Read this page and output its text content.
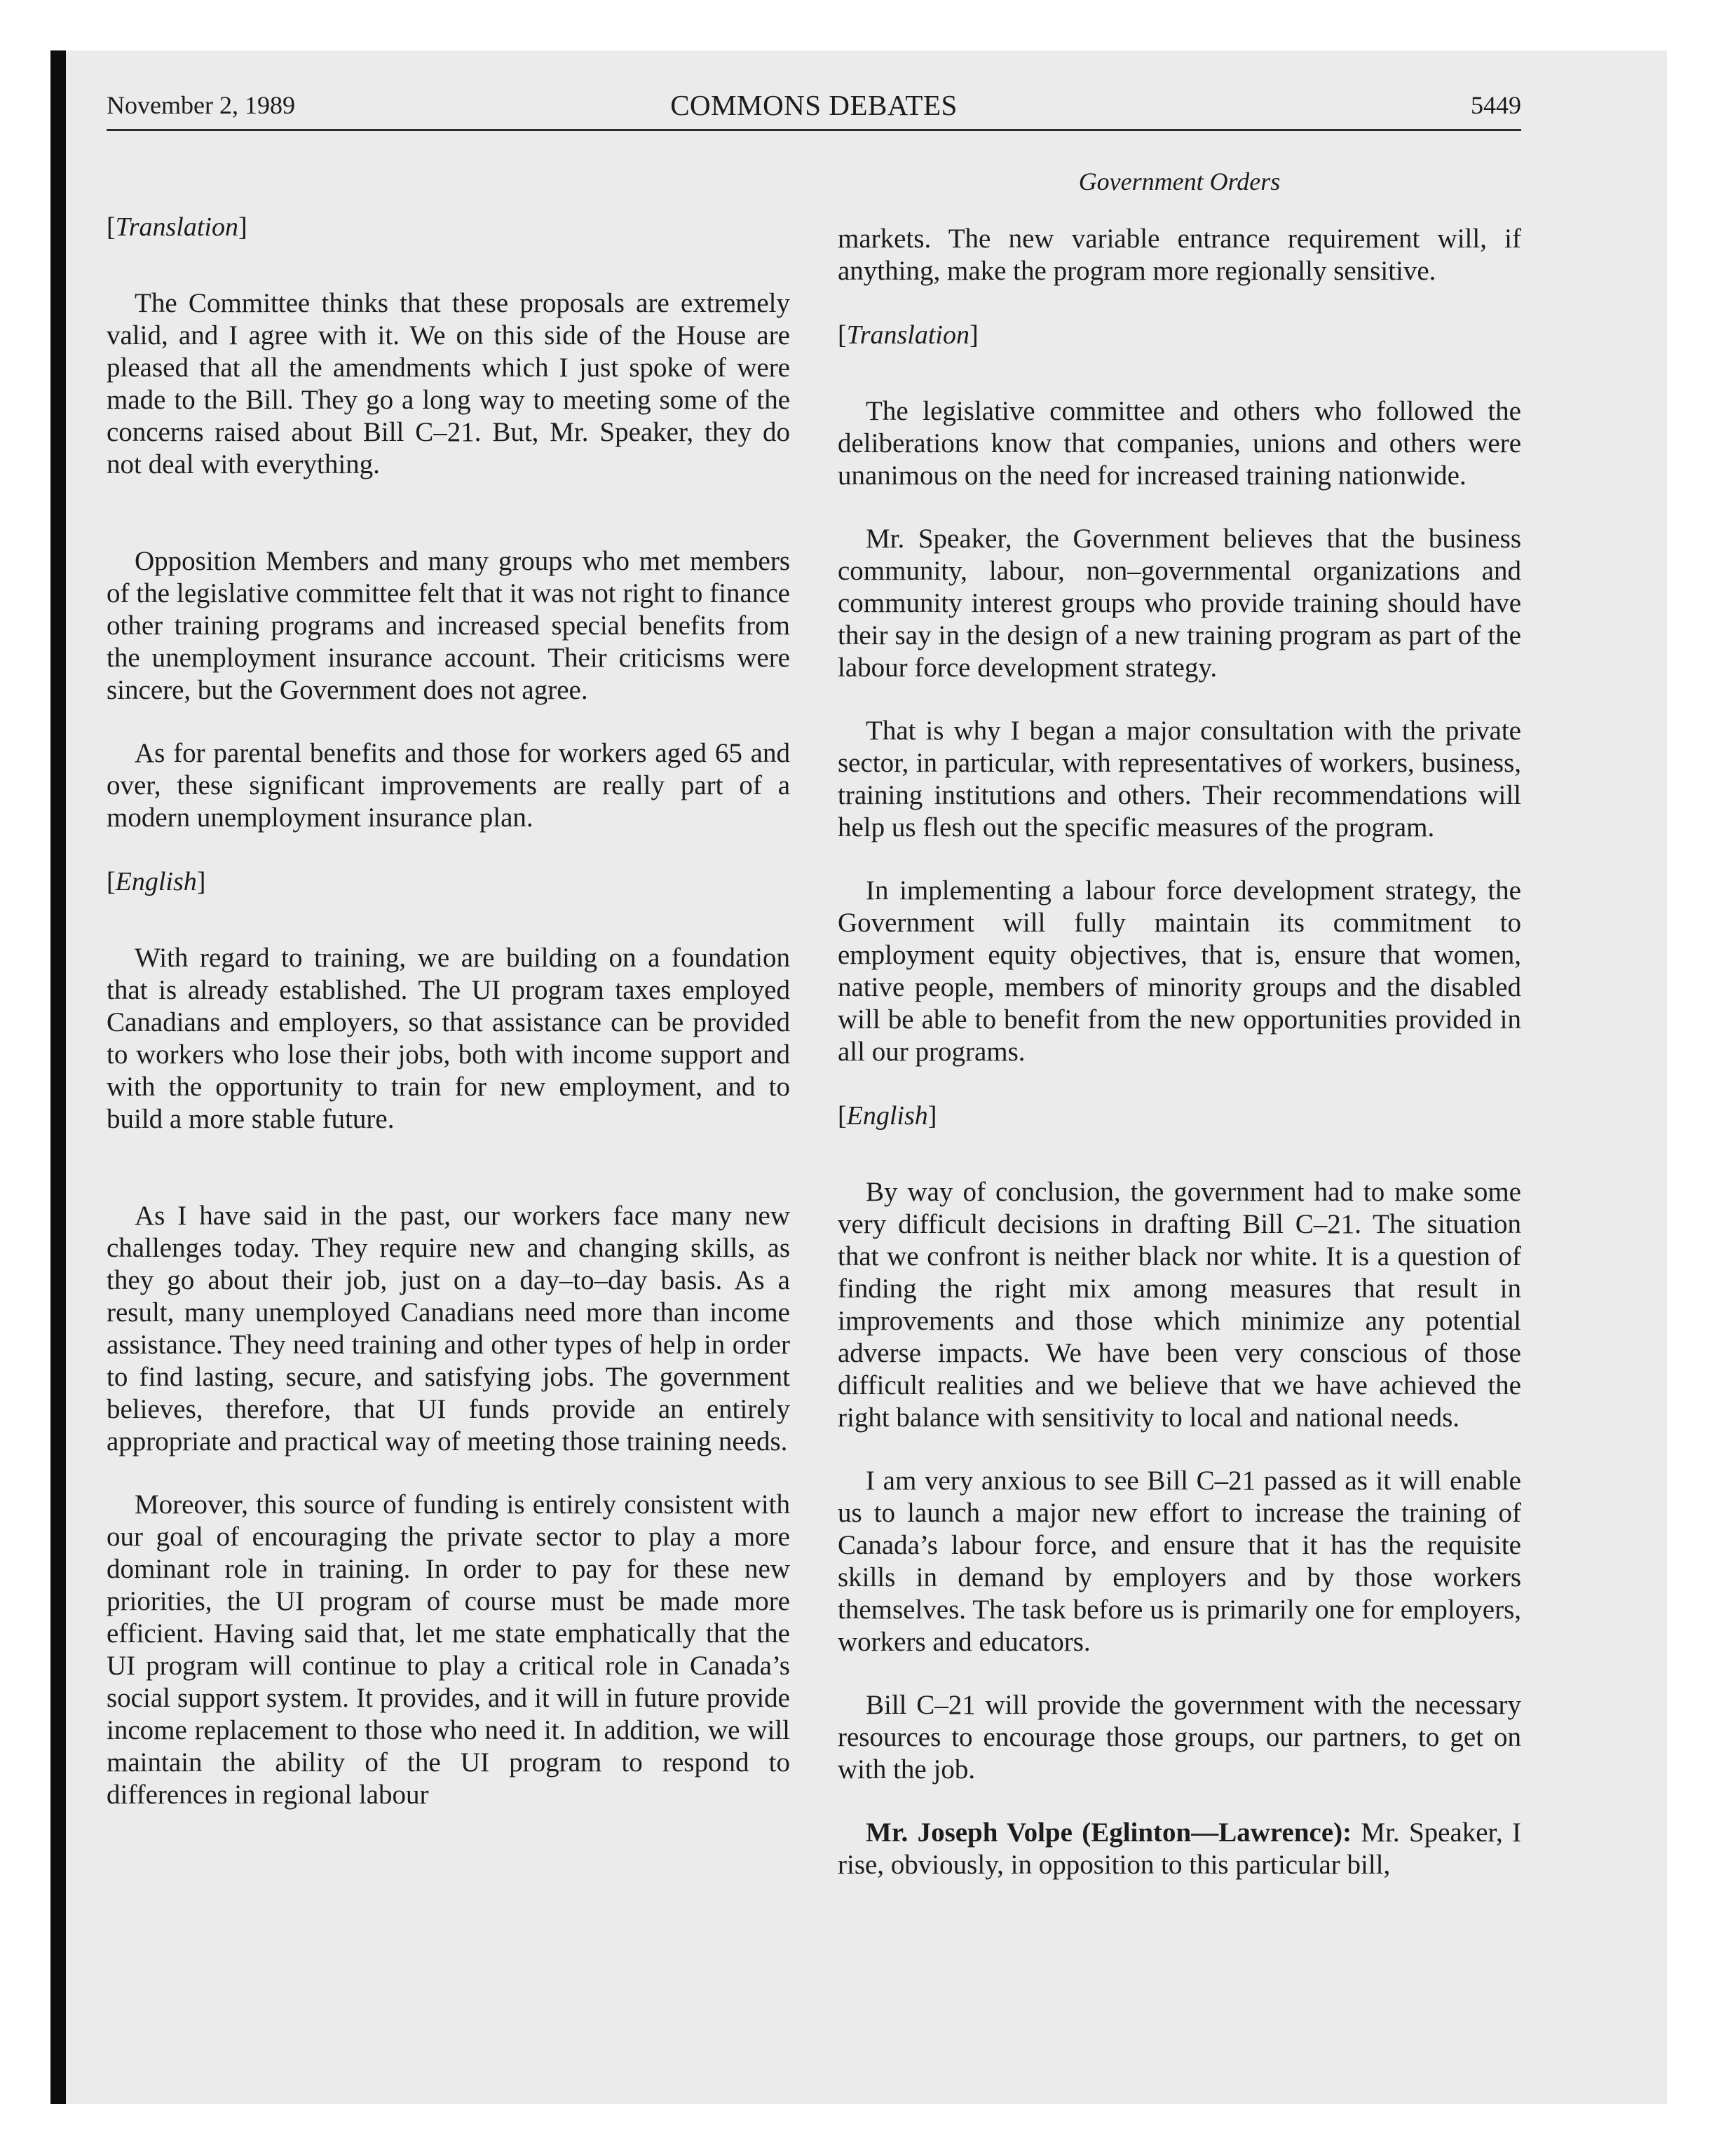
November 2, 1989	COMMONS DEBATES	5449
Government Orders
[Translation]

The Committee thinks that these proposals are extremely valid, and I agree with it. We on this side of the House are pleased that all the amendments which I just spoke of were made to the Bill. They go a long way to meeting some of the concerns raised about Bill C–21. But, Mr. Speaker, they do not deal with everything.

Opposition Members and many groups who met members of the legislative committee felt that it was not right to finance other training programs and increased special benefits from the unemployment insurance account. Their criticisms were sincere, but the Government does not agree.

As for parental benefits and those for workers aged 65 and over, these significant improvements are really part of a modern unemployment insurance plan.

[English]

With regard to training, we are building on a foundation that is already established. The UI program taxes employed Canadians and employers, so that assistance can be provided to workers who lose their jobs, both with income support and with the opportunity to train for new employment, and to build a more stable future.

As I have said in the past, our workers face many new challenges today. They require new and changing skills, as they go about their job, just on a day–to–day basis. As a result, many unemployed Canadians need more than income assistance. They need training and other types of help in order to find lasting, secure, and satisfying jobs. The government believes, therefore, that UI funds provide an entirely appropriate and practical way of meeting those training needs.

Moreover, this source of funding is entirely consistent with our goal of encouraging the private sector to play a more dominant role in training. In order to pay for these new priorities, the UI program of course must be made more efficient. Having said that, let me state emphatically that the UI program will continue to play a critical role in Canada’s social support system. It provides, and it will in future provide income replacement to those who need it. In addition, we will maintain the ability of the UI program to respond to differences in regional labour

markets. The new variable entrance requirement will, if anything, make the program more regionally sensitive.

[Translation]

The legislative committee and others who followed the deliberations know that companies, unions and others were unanimous on the need for increased training nationwide.

Mr. Speaker, the Government believes that the business community, labour, non–governmental organizations and community interest groups who provide training should have their say in the design of a new training program as part of the labour force development strategy.

That is why I began a major consultation with the private sector, in particular, with representatives of workers, business, training institutions and others. Their recommendations will help us flesh out the specific measures of the program.

In implementing a labour force development strategy, the Government will fully maintain its commitment to employment equity objectives, that is, ensure that women, native people, members of minority groups and the disabled will be able to benefit from the new opportunities provided in all our programs.

[English]

By way of conclusion, the government had to make some very difficult decisions in drafting Bill C–21. The situation that we confront is neither black nor white. It is a question of finding the right mix among measures that result in improvements and those which minimize any potential adverse impacts. We have been very conscious of those difficult realities and we believe that we have achieved the right balance with sensitivity to local and national needs.

I am very anxious to see Bill C–21 passed as it will enable us to launch a major new effort to increase the training of Canada’s labour force, and ensure that it has the requisite skills in demand by employers and by those workers themselves. The task before us is primarily one for employers, workers and educators.

Bill C–21 will provide the government with the necessary resources to encourage those groups, our partners, to get on with the job.

Mr. Joseph Volpe (Eglinton—Lawrence): Mr. Speaker, I rise, obviously, in opposition to this particular bill,
